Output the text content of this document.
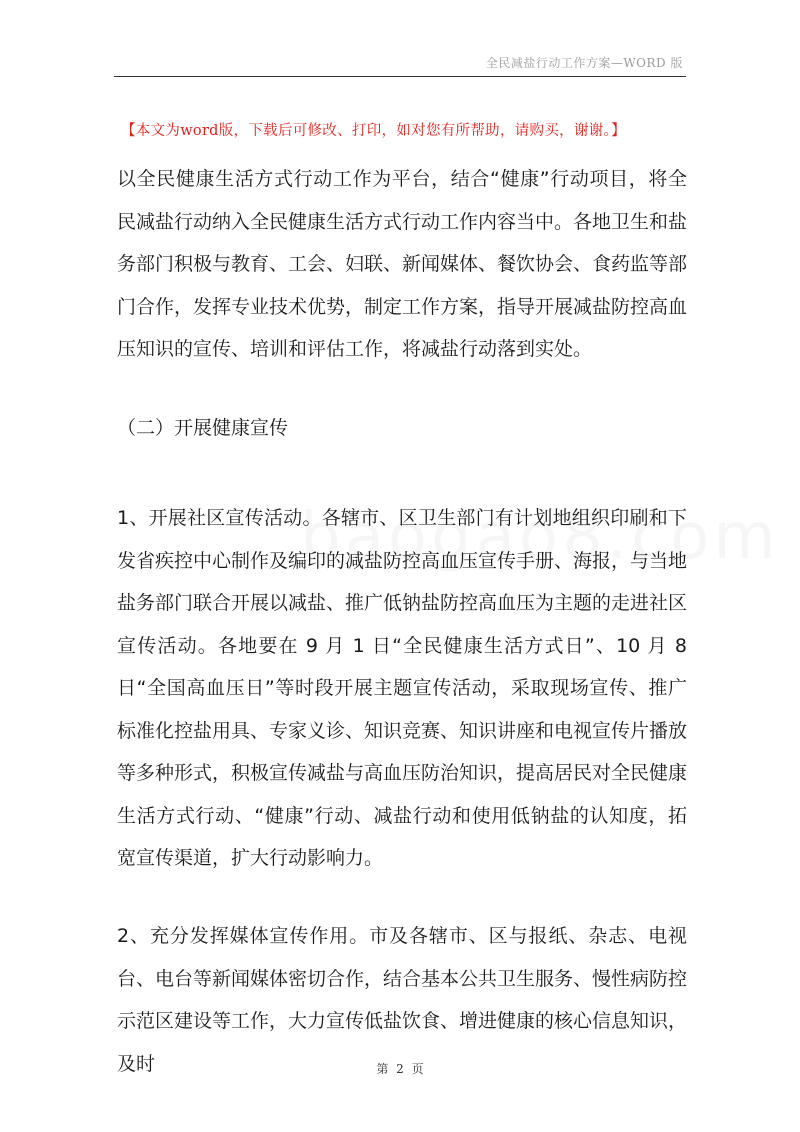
全民减盐行动工作方案—WORD 版
【本文为word版，下载后可修改、打印，如对您有所帮助，请购买，谢谢。】

以全民健康生活方式行动工作为平台，结合“健康”行动项目，将全民减盐行动纳入全民健康生活方式行动工作内容当中。各地卫生和盐务部门积极与教育、工会、妇联、新闻媒体、餐饮协会、食药监等部门合作，发挥专业技术优势，制定工作方案，指导开展减盐防控高血压知识的宣传、培训和评估工作，将减盐行动落到实处。

（二）开展健康宣传

1、开展社区宣传活动。各辖市、区卫生部门有计划地组织印刷和下发省疾控中心制作及编印的减盐防控高血压宣传手册、海报，与当地盐务部门联合开展以减盐、推广低钠盐防控高血压为主题的走进社区宣传活动。各地要在 9 月 1 日“全民健康生活方式日”、10 月 8 日“全国高血压日”等时段开展主题宣传活动，采取现场宣传、推广标准化控盐用具、专家义诊、知识竞赛、知识讲座和电视宣传片播放等多种形式，积极宣传减盐与高血压防治知识，提高居民对全民健康生活方式行动、“健康”行动、减盐行动和使用低钠盐的认知度，拓宽宣传渠道，扩大行动影响力。

2、充分发挥媒体宣传作用。市及各辖市、区与报纸、杂志、电视台、电台等新闻媒体密切合作，结合基本公共卫生服务、慢性病防控示范区建设等工作，大力宣传低盐饮食、增进健康的核心信息知识，及时	第 2 页
